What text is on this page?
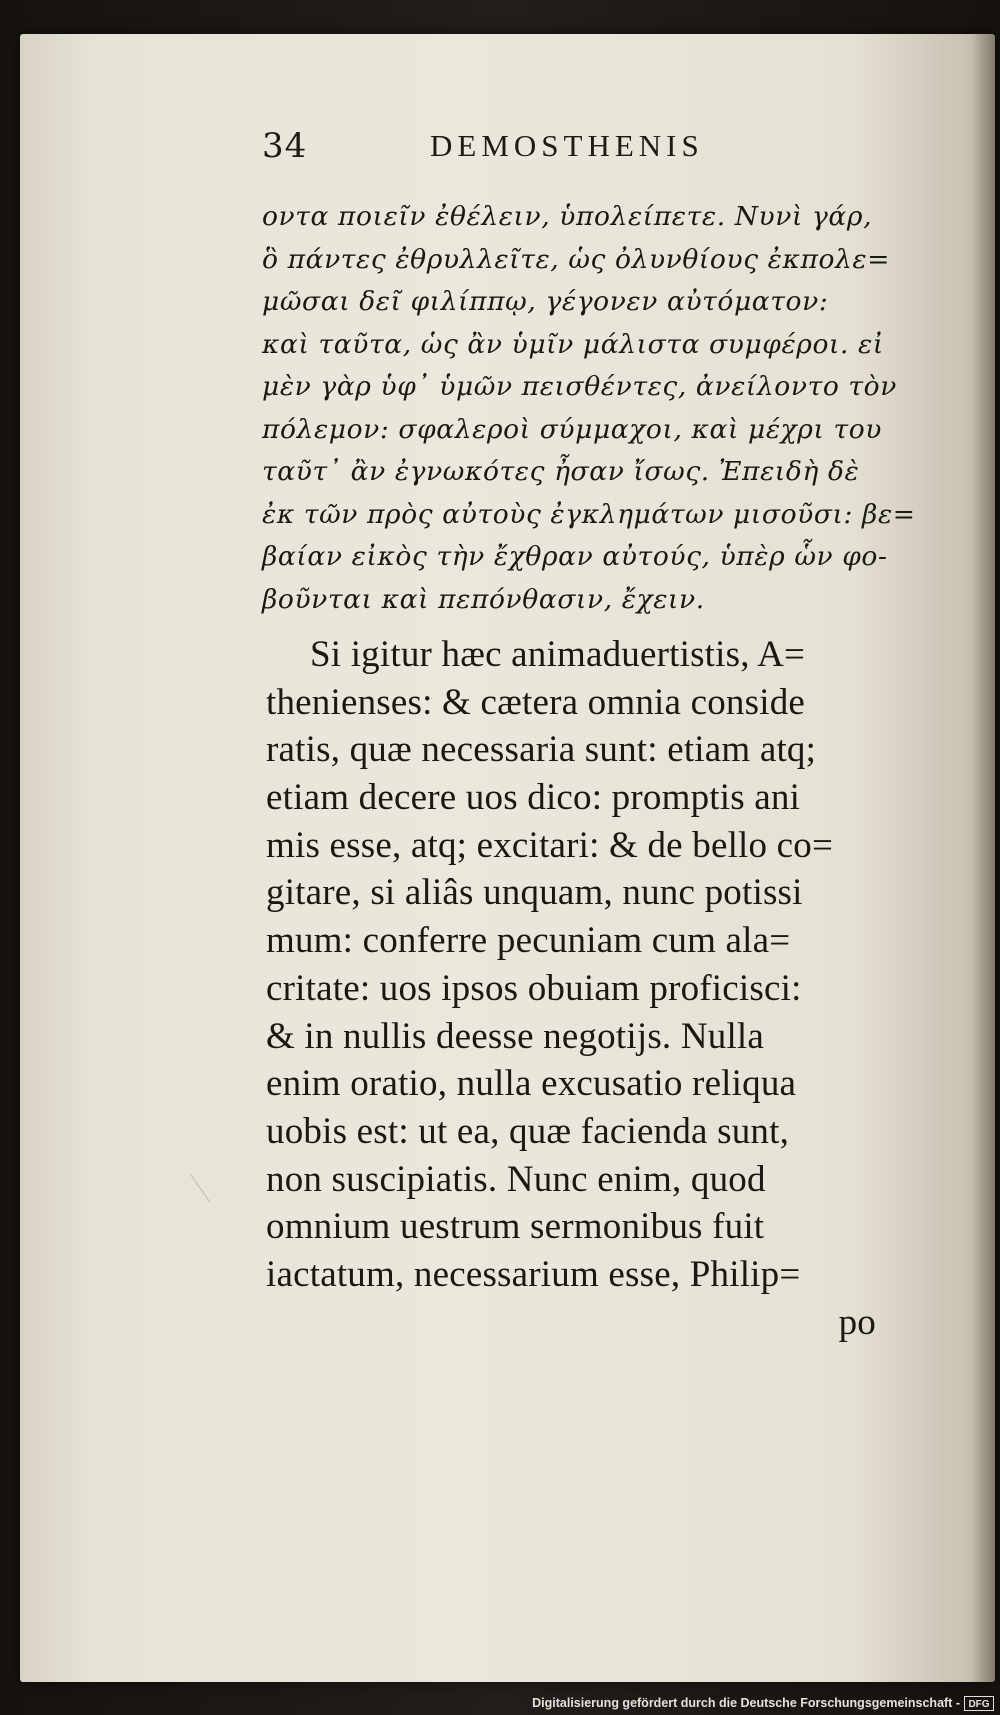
34	DEMOSTHENIS
οντα ποιεῖν ἐθέλειν, ὑπολείπετε. Νυνὶ γάρ,
ὃ πάντες ἐθρυλλεῖτε, ὡς ὀλυνθίους ἐκπολε=
μῶσαι δεῖ φιλίππῳ, γέγονεν αὐτόματον:
καὶ ταῦτα, ὡς ἂν ὑμῖν μάλιστα συμφέροι. εἰ
μὲν γὰρ ὑφ᾽ ὑμῶν πεισθέντες, ἀνείλοντο τὸν
πόλεμον: σφαλεροὶ σύμμαχοι, καὶ μέχρι του
ταῦτ᾽ ἂν ἐγνωκότες ἦσαν ἴσως. Ἐπειδὴ δὲ
ἐκ τῶν πρὸς αὐτοὺς ἐγκλημάτων μισοῦσι: βε=
βαίαν εἰκὸς τὴν ἔχθραν αὐτούς, ὑπὲρ ὧν φο-
βοῦνται καὶ πεπόνθασιν, ἔχειν.
Si igitur hæc animaduertistis, A=
thenienses: & cætera omnia conside
ratis, quæ necessaria sunt: etiam atq;
etiam decere uos dico: promptis ani
mis esse, atq; excitari: & de bello co=
gitare, si aliâs unquam, nunc potissi
mum: conferre pecuniam cum ala=
critate: uos ipsos obuiam proficisci:
& in nullis deesse negotijs. Nulla
enim oratio, nulla excusatio reliqua
uobis est: ut ea, quæ facienda sunt,
non suscipiatis. Nunc enim, quod
omnium uestrum sermonibus fuit
iactatum, necessarium esse, Philip=
po
Digitalisierung gefördert durch die Deutsche Forschungsgemeinschaft - DFG
